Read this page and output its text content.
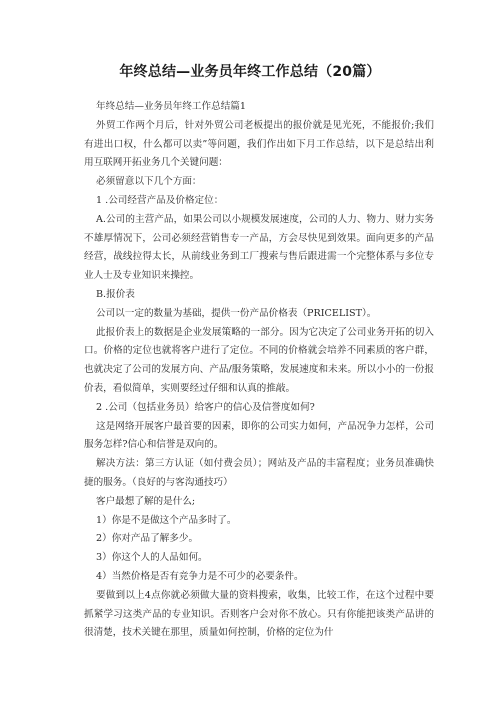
年终总结—业务员年终工作总结（20篇）

年终总结—业务员年终工作总结篇1

外贸工作两个月后，针对外贸公司老板提出的报价就是见光死，不能报价;我们有进出口权，什么都可以卖”等问题，我们作出如下月工作总结，以下是总结出利用互联网开拓业务几个关键问题：

必须留意以下几个方面：

1 .公司经营产品及价格定位：

A.公司的主营产品，如果公司以小规模发展速度，公司的人力、物力、财力实务不雄厚情况下，公司必须经营销售专一产品，方会尽快见到效果。面向更多的产品经营，战线拉得太长，从前线业务到工厂搜索与售后跟进需一个完整体系与多位专业人士及专业知识来操控。

B.报价表

公司以一定的数量为基础，提供一份产品价格表（PRICELIST）。

此报价表上的数据是企业发展策略的一部分。因为它决定了公司业务开拓的切入口。价格的定位也就将客户进行了定位。不同的价格就会培养不同素质的客户群，也就决定了公司的发展方向、产品/服务策略，发展速度和未来。所以小小的一份报价表，看似简单，实则要经过仔细和认真的推敲。

2 .公司（包括业务员）给客户的信心及信誉度如何?

这是网络开展客户最首要的因素，即你的公司实力如何，产品况争力怎样，公司服务怎样?信心和信誉是双向的。

解决方法：第三方认证（如付费会员）；网站及产品的丰富程度；业务员准确快捷的服务。（良好的与客沟通技巧）

客户最想了解的是什么;

1）你是不是做这个产品多时了。

2）你对产品了解多少。

3）你这个人的人品如何。

4）当然价格是否有竞争力是不可少的必要条件。

要做到以上4点你就必须做大量的资料搜索，收集，比较工作，在这个过程中要抓紧学习这类产品的专业知识。否则客户会对你不放心。只有你能把该类产品讲的很清楚，技术关键在那里，质量如何控制，价格的定位为什
